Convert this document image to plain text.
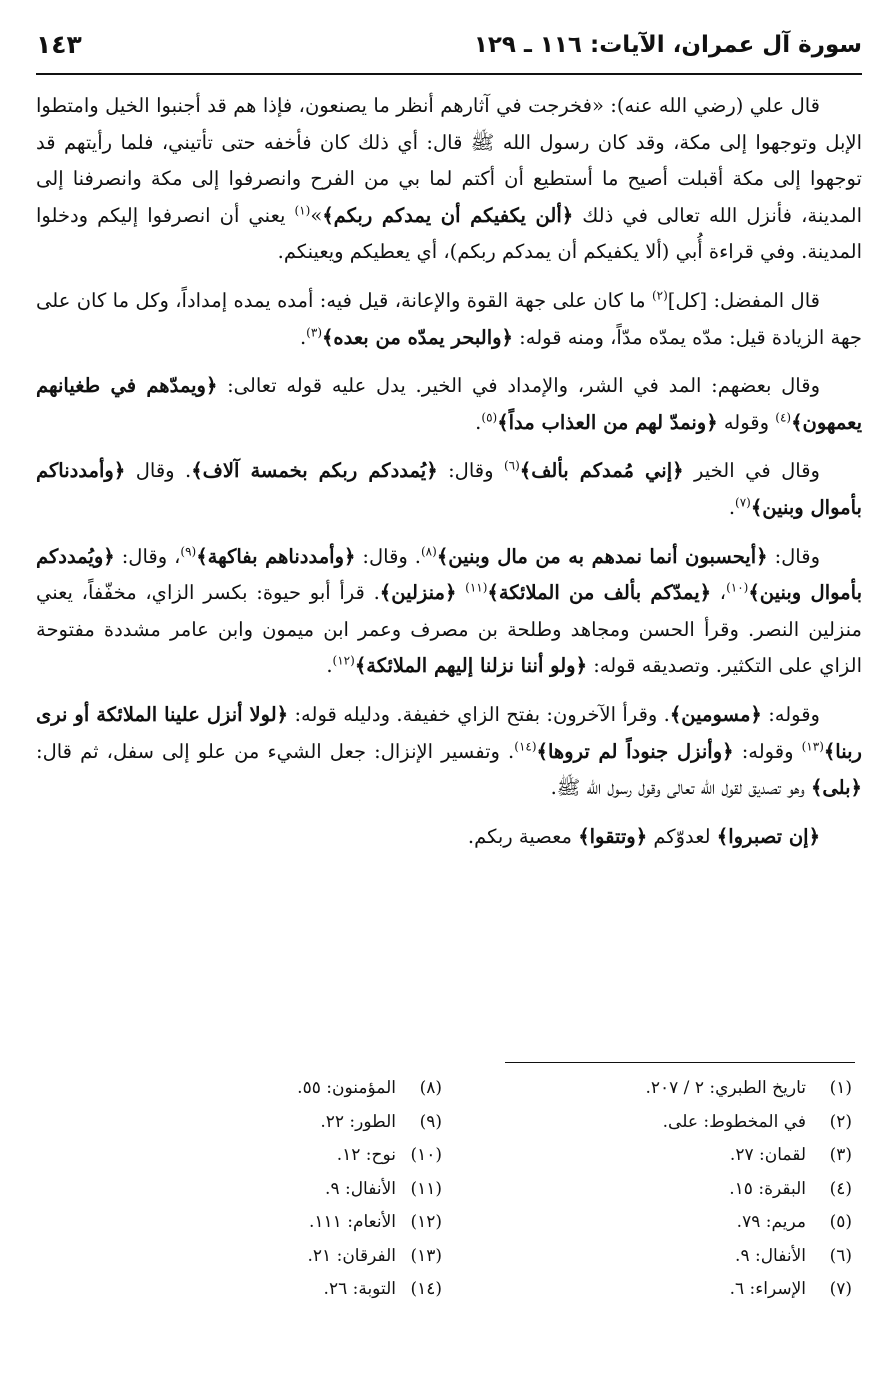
سورة آل عمران، الآيات: ١١٦ ـ ١٢٩
١٤٣

قال علي (رضي الله عنه): «فخرجت في آثارهم أنظر ما يصنعون، فإذا هم قد أجنبوا الخيل وامتطوا الإبل وتوجهوا إلى مكة، وقد كان رسول الله ﷺ قال: أي ذلك كان فأخفه حتى تأتيني، فلما رأيتهم قد توجهوا إلى مكة أقبلت أصيح ما أستطيع أن أكتم لما بي من الفرح وانصرفوا إلى مكة وانصرفنا إلى المدينة، فأنزل الله تعالى في ذلك ﴿ألن يكفيكم أن يمدكم ربكم﴾»$^{(١)}$ يعني أن انصرفوا إليكم ودخلوا المدينة. وفي قراءة أُبي (ألا يكفيكم أن يمدكم ربكم)، أي يعطيكم ويعينكم.

قال المفضل: [كل]$^{(٢)}$ ما كان على جهة القوة والإعانة، قيل فيه: أمده يمده إمداداً، وكل ما كان على جهة الزيادة قيل: مدّه يمدّه مدّاً، ومنه قوله: ﴿والبحر يمدّه من بعده﴾$^{(٣)}$.

وقال بعضهم: المد في الشر، والإمداد في الخير. يدل عليه قوله تعالى: ﴿ويمدّهم في طغيانهم يعمهون﴾$^{(٤)}$ وقوله ﴿ونمدّ لهم من العذاب مداً﴾$^{(٥)}$.

وقال في الخير ﴿إني مُمدكم بألف﴾$^{(٦)}$ وقال: ﴿يُمددكم ربكم بخمسة آلاف﴾. وقال ﴿وأمددناكم بأموال وبنين﴾$^{(٧)}$.

وقال: ﴿أيحسبون أنما نمدهم به من مال وبنين﴾$^{(٨)}$. وقال: ﴿وأمددناهم بفاكهة﴾$^{(٩)}$، وقال: ﴿ويُمددكم بأموال وبنين﴾$^{(١٠)}$، ﴿يمدّكم بألف من الملائكة﴾$^{(١١)}$ ﴿منزلين﴾. قرأ أبو حيوة: بكسر الزاي، مخفّفاً، يعني منزلين النصر. وقرأ الحسن ومجاهد وطلحة بن مصرف وعمر ابن ميمون وابن عامر مشددة مفتوحة الزاي على التكثير. وتصديقه قوله: ﴿ولو أننا نزلنا إليهم الملائكة﴾$^{(١٢)}$.

وقوله: ﴿مسومين﴾. وقرأ الآخرون: بفتح الزاي خفيفة. ودليله قوله: ﴿لولا أنزل علينا الملائكة أو نرى ربنا﴾$^{(١٣)}$ وقوله: ﴿وأنزل جنوداً لم تروها﴾$^{(١٤)}$. وتفسير الإنزال: جعل الشيء من علو إلى سفل، ثم قال: ﴿بلى﴾ وهو تصديق لقول الله تعالى وقول رسول الله ﷺ.

﴿إن تصبروا﴾ لعدوّكم ﴿وتتقوا﴾ معصية ربكم.

(١)تاريخ الطبري: ٢ / ٢٠٧.
(٢)في المخطوط: على.
(٣)لقمان: ٢٧.
(٤)البقرة: ١٥.
(٥)مريم: ٧٩.
(٦)الأنفال: ٩.
(٧)الإسراء: ٦.
(٨)المؤمنون: ٥٥.
(٩)الطور: ٢٢.
(١٠)نوح: ١٢.
(١١)الأنفال: ٩.
(١٢)الأنعام: ١١١.
(١٣)الفرقان: ٢١.
(١٤)التوبة: ٢٦.
